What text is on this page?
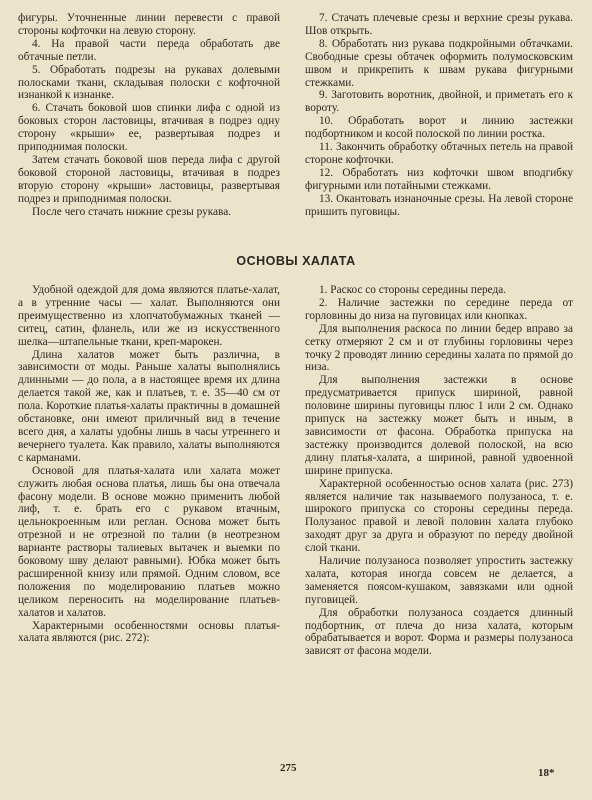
фигуры. Уточненные линии перевести с правой стороны кофточки на левую сторону.

4. На правой части переда обработать две обтачные петли.

5. Обработать подрезы на рукавах долевыми полосками ткани, складывая полоски с кофточной изнанкой к изнанке.

6. Стачать боковой шов спинки лифа с одной из боковых сторон ластовицы, втачивая в подрез одну сторону «крыши» ее, развертывая подрез и приподнимая полоски.

Затем стачать боковой шов переда лифа с другой боковой стороной ластовицы, втачивая в подрез вторую сторону «крыши» ластовицы, развертывая подрез и приподнимая полоски.

После чего стачать нижние срезы рукава.

7. Стачать плечевые срезы и верхние срезы рукава. Шов открыть.

8. Обработать низ рукава подкройными обтачками. Свободные срезы обтачек оформить полумосковским швом и прикрепить к швам рукава фигурными стежками.

9. Заготовить воротник, двойной, и приметать его к вороту.

10. Обработать ворот и линию застежки подбортником и косой полоской по линии ростка.

11. Закончить обработку обтачных петель на правой стороне кофточки.

12. Обработать низ кофточки швом вподгибку фигурными или потайными стежками.

13. Окантовать изнаночные срезы. На левой стороне пришить пуговицы.

ОСНОВЫ ХАЛАТА

Удобной одеждой для дома являются платье-халат, а в утренние часы — халат. Выполняются они преимущественно из хлопчатобумажных тканей — ситец, сатин, фланель, или же из искусственного шелка—штапельные ткани, креп-марокен.

Длина халатов может быть различна, в зависимости от моды. Раньше халаты выполнялись длинными — до пола, а в настоящее время их длина делается такой же, как и платьев, т. е. 35—40 см от пола. Короткие платья-халаты практичны в домашней обстановке, они имеют приличный вид в течение всего дня, а халаты удобны лишь в часы утреннего и вечернего туалета. Как правило, халаты выполняются с карманами.

Основой для платья-халата или халата может служить любая основа платья, лишь бы она отвечала фасону модели. В основе можно применить любой лиф, т. е. брать его с рукавом втачным, цельнокроенным или реглан. Основа может быть отрезной и не отрезной по талии (в неотрезном варианте растворы талиевых вытачек и выемки по боковому шву делают равными). Юбка может быть расширенной книзу или прямой. Одним словом, все положения по моделированию платьев можно целиком переносить на моделирование платьев-халатов и халатов.

Характерными особенностями основы платья-халата являются (рис. 272):

1. Раскос со стороны середины переда.

2. Наличие застежки по середине переда от горловины до низа на пуговицах или кнопках.

Для выполнения раскоса по линии бедер вправо за сетку отмеряют 2 см и от глубины горловины через точку 2 проводят линию середины халата по прямой до низа.

Для выполнения застежки в основе предусматривается припуск шириной, равной половине ширины пуговицы плюс 1 или 2 см. Однако припуск на застежку может быть и иным, в зависимости от фасона. Обработка припуска на застежку производится долевой полоской, на всю длину платья-халата, а шириной, равной удвоенной ширине припуска.

Характерной особенностью основ халата (рис. 273) является наличие так называемого полузаноса, т. е. широкого припуска со стороны середины переда. Полузанос правой и левой половин халата глубоко заходят друг за друга и образуют по переду двойной слой ткани.

Наличие полузаноса позволяет упростить застежку халата, которая иногда совсем не делается, а заменяется поясом-кушаком, завязками или одной пуговицей.

Для обработки полузаноса создается длинный подбортник, от плеча до низа халата, которым обрабатывается и ворот. Форма и размеры полузаноса зависят от фасона модели.

275	18*
